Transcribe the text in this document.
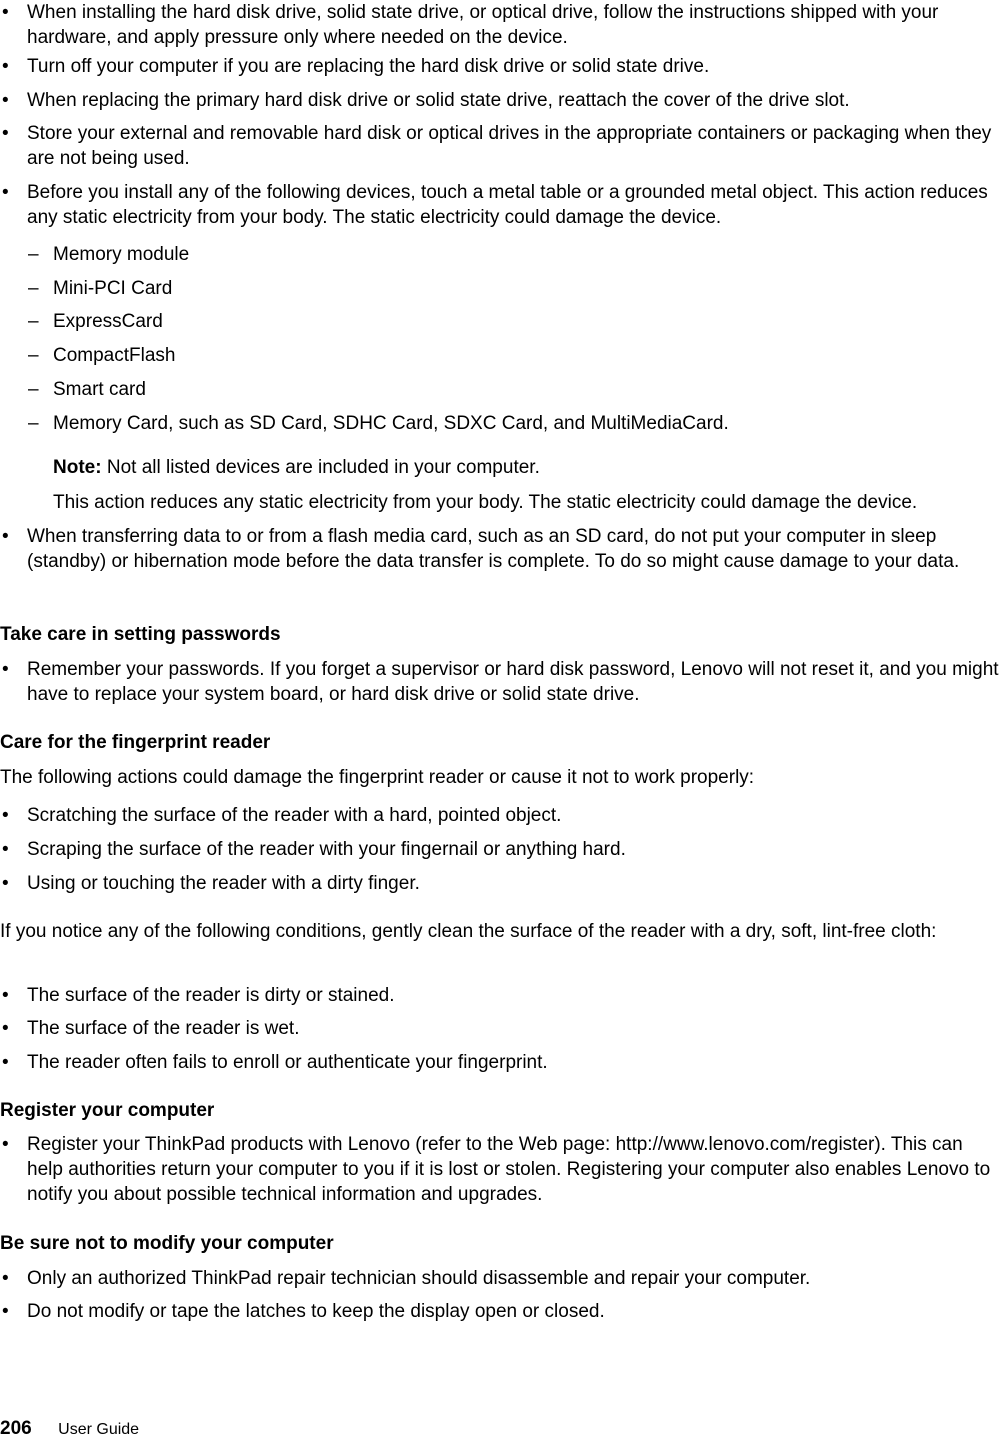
• When installing the hard disk drive, solid state drive, or optical drive, follow the instructions shipped with your hardware, and apply pressure only where needed on the device.
• Turn off your computer if you are replacing the hard disk drive or solid state drive.
• When replacing the primary hard disk drive or solid state drive, reattach the cover of the drive slot.
• Store your external and removable hard disk or optical drives in the appropriate containers or packaging when they are not being used.
• Before you install any of the following devices, touch a metal table or a grounded metal object. This action reduces any static electricity from your body. The static electricity could damage the device.
– Memory module
– Mini-PCI Card
– ExpressCard
– CompactFlash
– Smart card
– Memory Card, such as SD Card, SDHC Card, SDXC Card, and MultiMediaCard.
Note: Not all listed devices are included in your computer.
This action reduces any static electricity from your body. The static electricity could damage the device.
• When transferring data to or from a flash media card, such as an SD card, do not put your computer in sleep (standby) or hibernation mode before the data transfer is complete. To do so might cause damage to your data.
Take care in setting passwords
• Remember your passwords. If you forget a supervisor or hard disk password, Lenovo will not reset it, and you might have to replace your system board, or hard disk drive or solid state drive.
Care for the fingerprint reader
The following actions could damage the fingerprint reader or cause it not to work properly:
• Scratching the surface of the reader with a hard, pointed object.
• Scraping the surface of the reader with your fingernail or anything hard.
• Using or touching the reader with a dirty finger.
If you notice any of the following conditions, gently clean the surface of the reader with a dry, soft, lint-free cloth:
• The surface of the reader is dirty or stained.
• The surface of the reader is wet.
• The reader often fails to enroll or authenticate your fingerprint.
Register your computer
• Register your ThinkPad products with Lenovo (refer to the Web page: http://www.lenovo.com/register). This can help authorities return your computer to you if it is lost or stolen. Registering your computer also enables Lenovo to notify you about possible technical information and upgrades.
Be sure not to modify your computer
• Only an authorized ThinkPad repair technician should disassemble and repair your computer.
• Do not modify or tape the latches to keep the display open or closed.
206 User Guide
